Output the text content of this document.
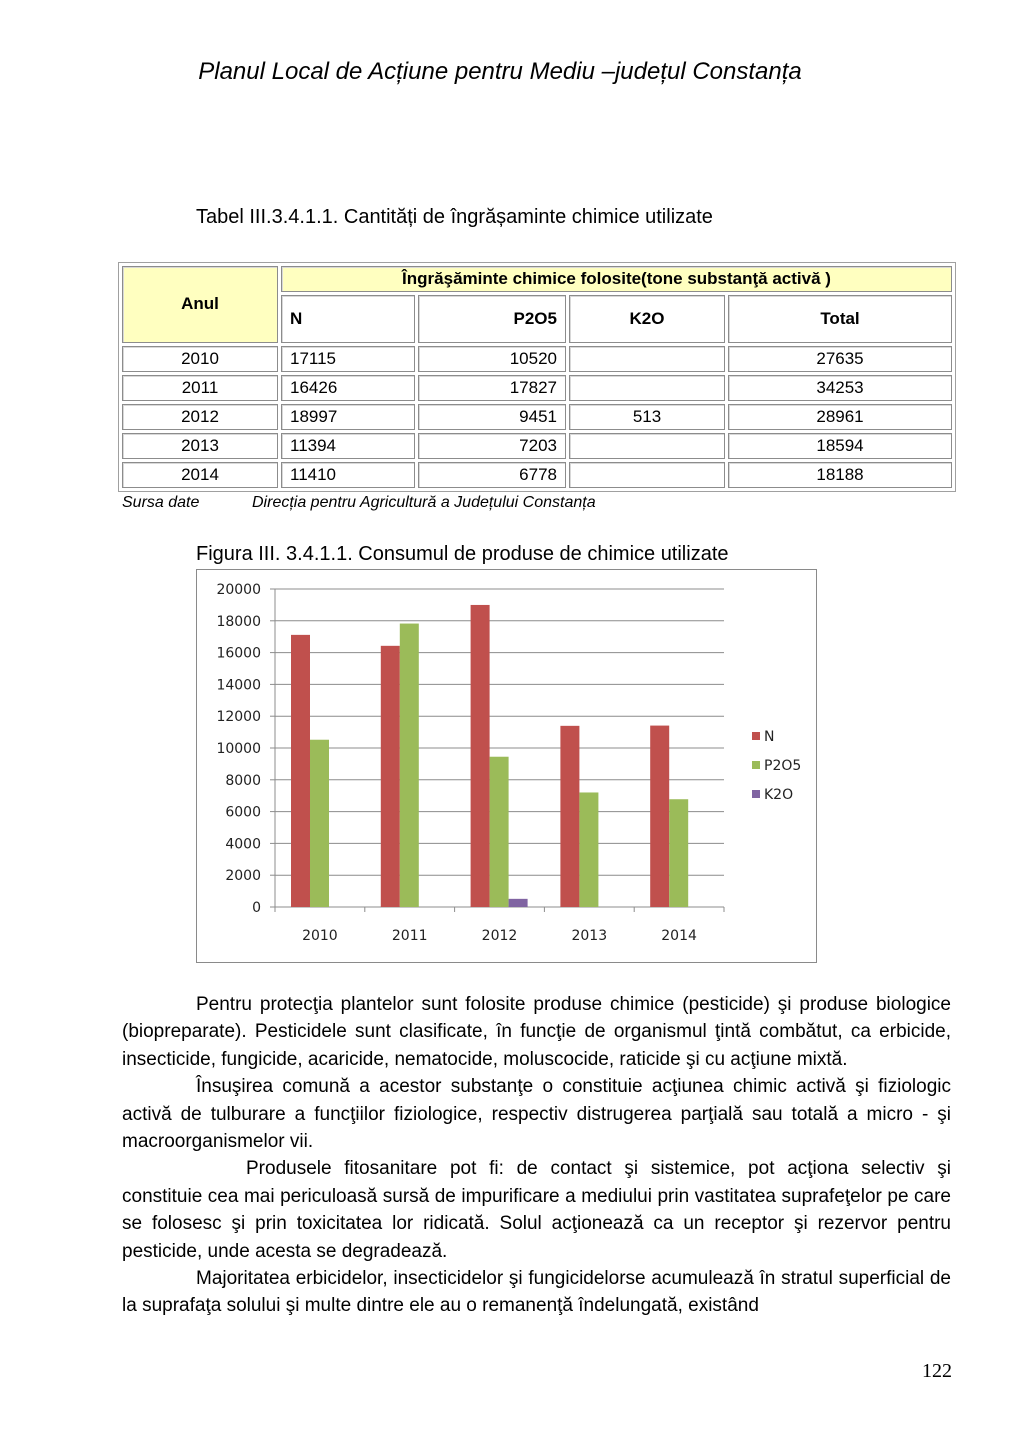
Planul Local de Acțiune pentru Mediu –județul Constanța
Tabel III.3.4.1.1. Cantități de îngrășaminte chimice utilizate
Anul	Îngrăşăminte chimice folosite(tone substanţă activă )			
	N	P2O5	K2O	Total
2010	17115	10520		27635
2011	16426	17827		34253
2012	18997	9451	513	28961
2013	11394	7203		18594
2014	11410	6778		18188
Sursa date	Direcția pentru Agricultură a Județului Constanța
Figura III. 3.4.1.1. Consumul de produse de chimice utilizate
0
2000
4000
6000
8000
10000
12000
14000
16000
18000
20000
2010	2011	2012	2013	2014
N
P2O5
K2O

Pentru protecţia plantelor sunt folosite produse chimice (pesticide) şi produse biologice (biopreparate). Pesticidele sunt clasificate, în funcţie de organismul ţintă combătut, ca erbicide, insecticide, fungicide, acaricide, nematocide, moluscocide, raticide şi cu acţiune mixtă.

Însuşirea comună a acestor substanţe o constituie acţiunea chimic activă şi fiziologic activă de tulburare a funcţiilor fiziologice, respectiv distrugerea parţială sau totală a micro - şi macroorganismelor vii.

Produsele fitosanitare pot fi: de contact şi sistemice, pot acţiona selectiv şi constituie cea mai periculoasă sursă de impurificare a mediului prin vastitatea suprafeţelor pe care se folosesc şi prin toxicitatea lor ridicată. Solul acţionează ca un receptor şi rezervor pentru pesticide, unde acesta se degradează.

Majoritatea erbicidelor, insecticidelor şi fungicidelorse acumulează în stratul superficial de la suprafaţa solului şi multe dintre ele au o remanenţă îndelungată, existând

122
